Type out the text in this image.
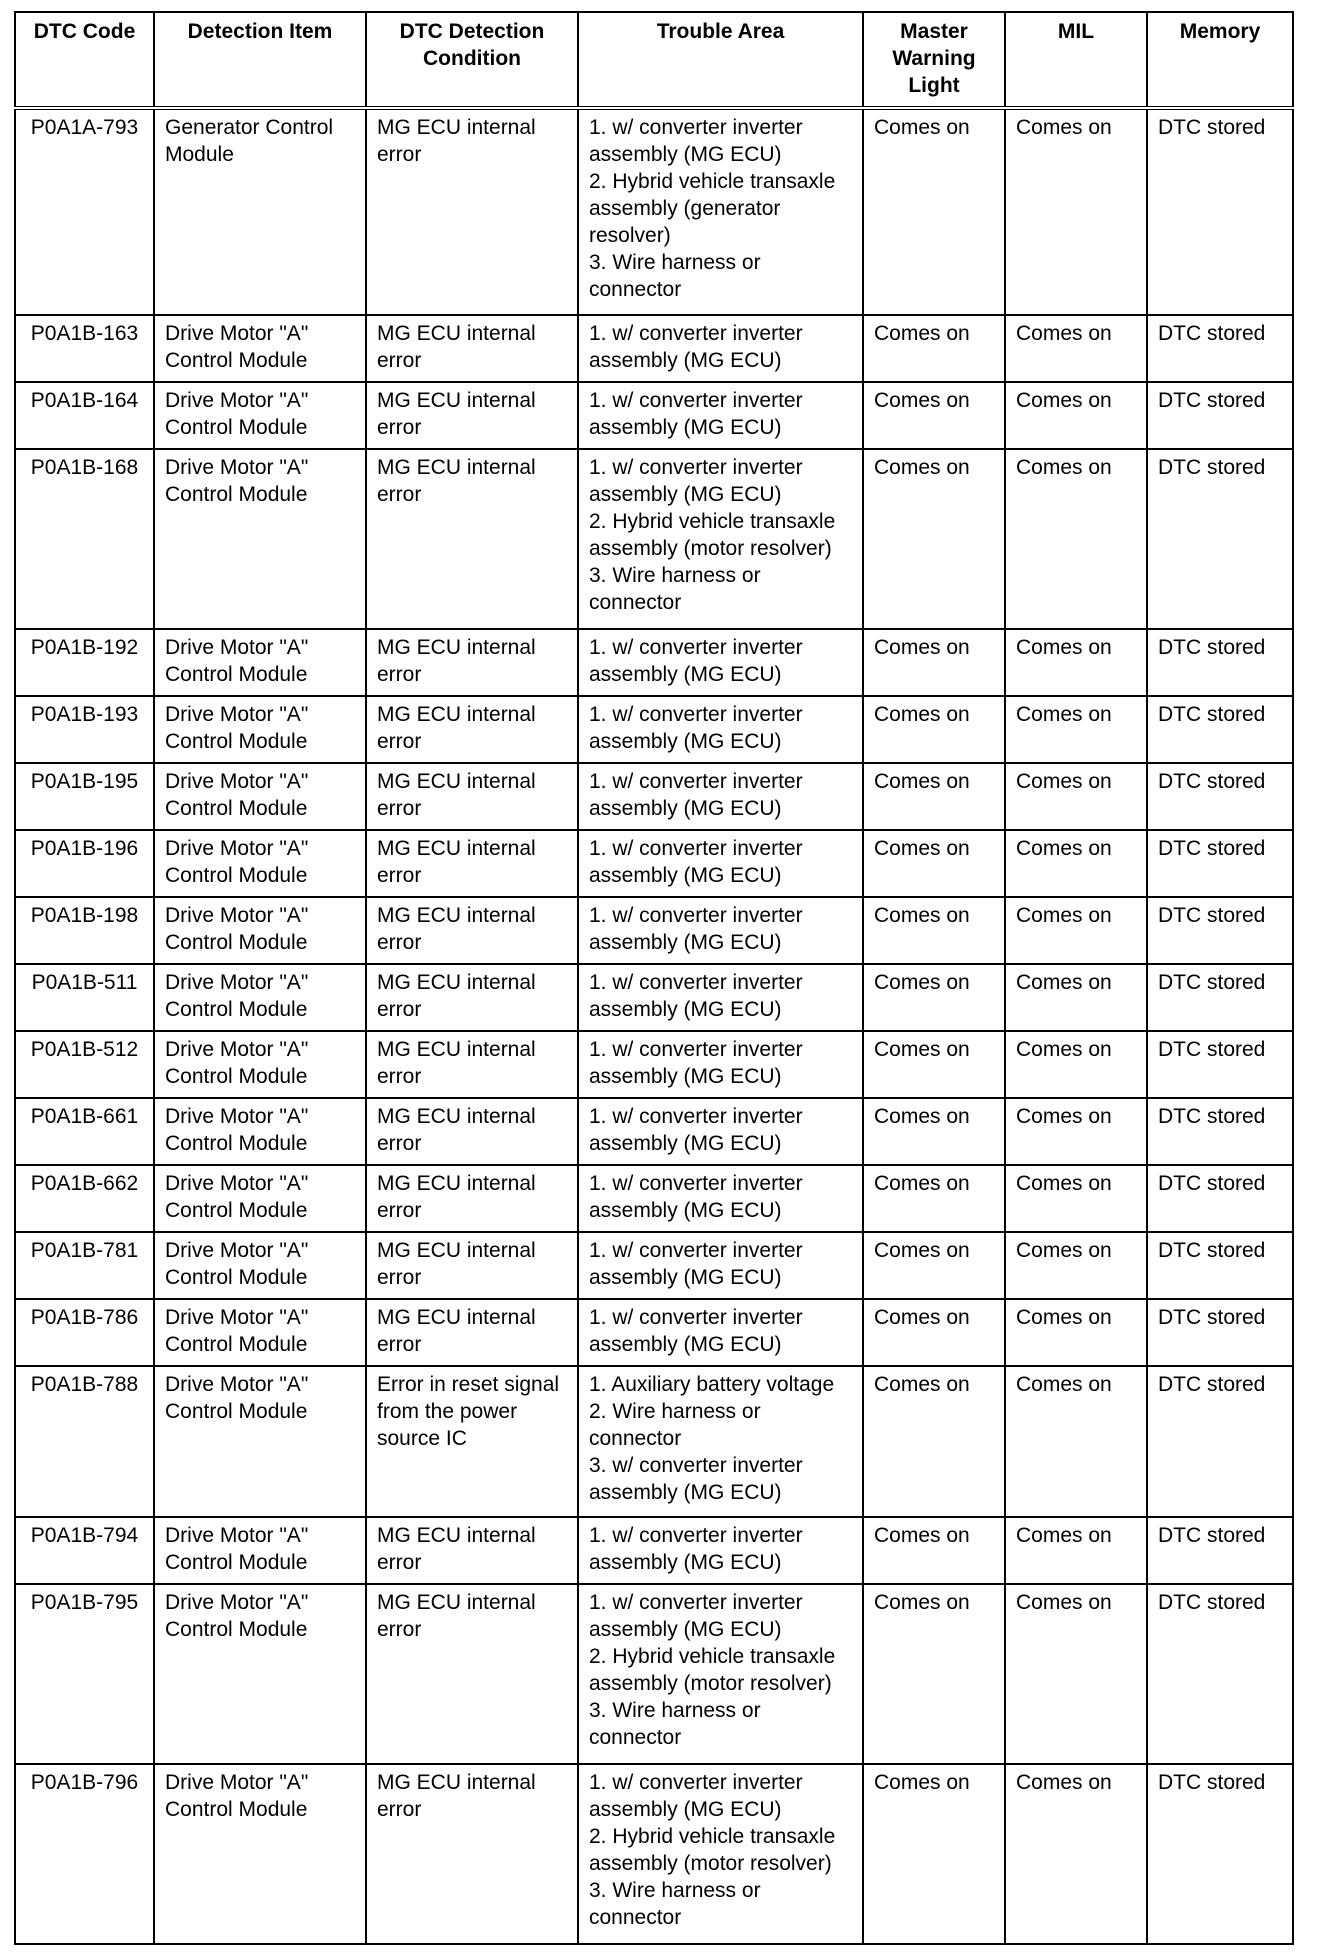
DTC Code	Detection Item	DTC Detection Condition	Trouble Area	Master Warning Light	MIL	Memory
P0A1A-793	Generator Control Module	MG ECU internal error	1. w/ converter inverter assembly (MG ECU)
2. Hybrid vehicle transaxle assembly (generator resolver)
3. Wire harness or connector	Comes on	Comes on	DTC stored
P0A1B-163	Drive Motor "A" Control Module	MG ECU internal error	1. w/ converter inverter assembly (MG ECU)	Comes on	Comes on	DTC stored
P0A1B-164	Drive Motor "A" Control Module	MG ECU internal error	1. w/ converter inverter assembly (MG ECU)	Comes on	Comes on	DTC stored
P0A1B-168	Drive Motor "A" Control Module	MG ECU internal error	1. w/ converter inverter assembly (MG ECU)
2. Hybrid vehicle transaxle assembly (motor resolver)
3. Wire harness or connector	Comes on	Comes on	DTC stored
P0A1B-192	Drive Motor "A" Control Module	MG ECU internal error	1. w/ converter inverter assembly (MG ECU)	Comes on	Comes on	DTC stored
P0A1B-193	Drive Motor "A" Control Module	MG ECU internal error	1. w/ converter inverter assembly (MG ECU)	Comes on	Comes on	DTC stored
P0A1B-195	Drive Motor "A" Control Module	MG ECU internal error	1. w/ converter inverter assembly (MG ECU)	Comes on	Comes on	DTC stored
P0A1B-196	Drive Motor "A" Control Module	MG ECU internal error	1. w/ converter inverter assembly (MG ECU)	Comes on	Comes on	DTC stored
P0A1B-198	Drive Motor "A" Control Module	MG ECU internal error	1. w/ converter inverter assembly (MG ECU)	Comes on	Comes on	DTC stored
P0A1B-511	Drive Motor "A" Control Module	MG ECU internal error	1. w/ converter inverter assembly (MG ECU)	Comes on	Comes on	DTC stored
P0A1B-512	Drive Motor "A" Control Module	MG ECU internal error	1. w/ converter inverter assembly (MG ECU)	Comes on	Comes on	DTC stored
P0A1B-661	Drive Motor "A" Control Module	MG ECU internal error	1. w/ converter inverter assembly (MG ECU)	Comes on	Comes on	DTC stored
P0A1B-662	Drive Motor "A" Control Module	MG ECU internal error	1. w/ converter inverter assembly (MG ECU)	Comes on	Comes on	DTC stored
P0A1B-781	Drive Motor "A" Control Module	MG ECU internal error	1. w/ converter inverter assembly (MG ECU)	Comes on	Comes on	DTC stored
P0A1B-786	Drive Motor "A" Control Module	MG ECU internal error	1. w/ converter inverter assembly (MG ECU)	Comes on	Comes on	DTC stored
P0A1B-788	Drive Motor "A" Control Module	Error in reset signal from the power source IC	1. Auxiliary battery voltage
2. Wire harness or connector
3. w/ converter inverter assembly (MG ECU)	Comes on	Comes on	DTC stored
P0A1B-794	Drive Motor "A" Control Module	MG ECU internal error	1. w/ converter inverter assembly (MG ECU)	Comes on	Comes on	DTC stored
P0A1B-795	Drive Motor "A" Control Module	MG ECU internal error	1. w/ converter inverter assembly (MG ECU)
2. Hybrid vehicle transaxle assembly (motor resolver)
3. Wire harness or connector	Comes on	Comes on	DTC stored
P0A1B-796	Drive Motor "A" Control Module	MG ECU internal error	1. w/ converter inverter assembly (MG ECU)
2. Hybrid vehicle transaxle assembly (motor resolver)
3. Wire harness or connector	Comes on	Comes on	DTC stored
